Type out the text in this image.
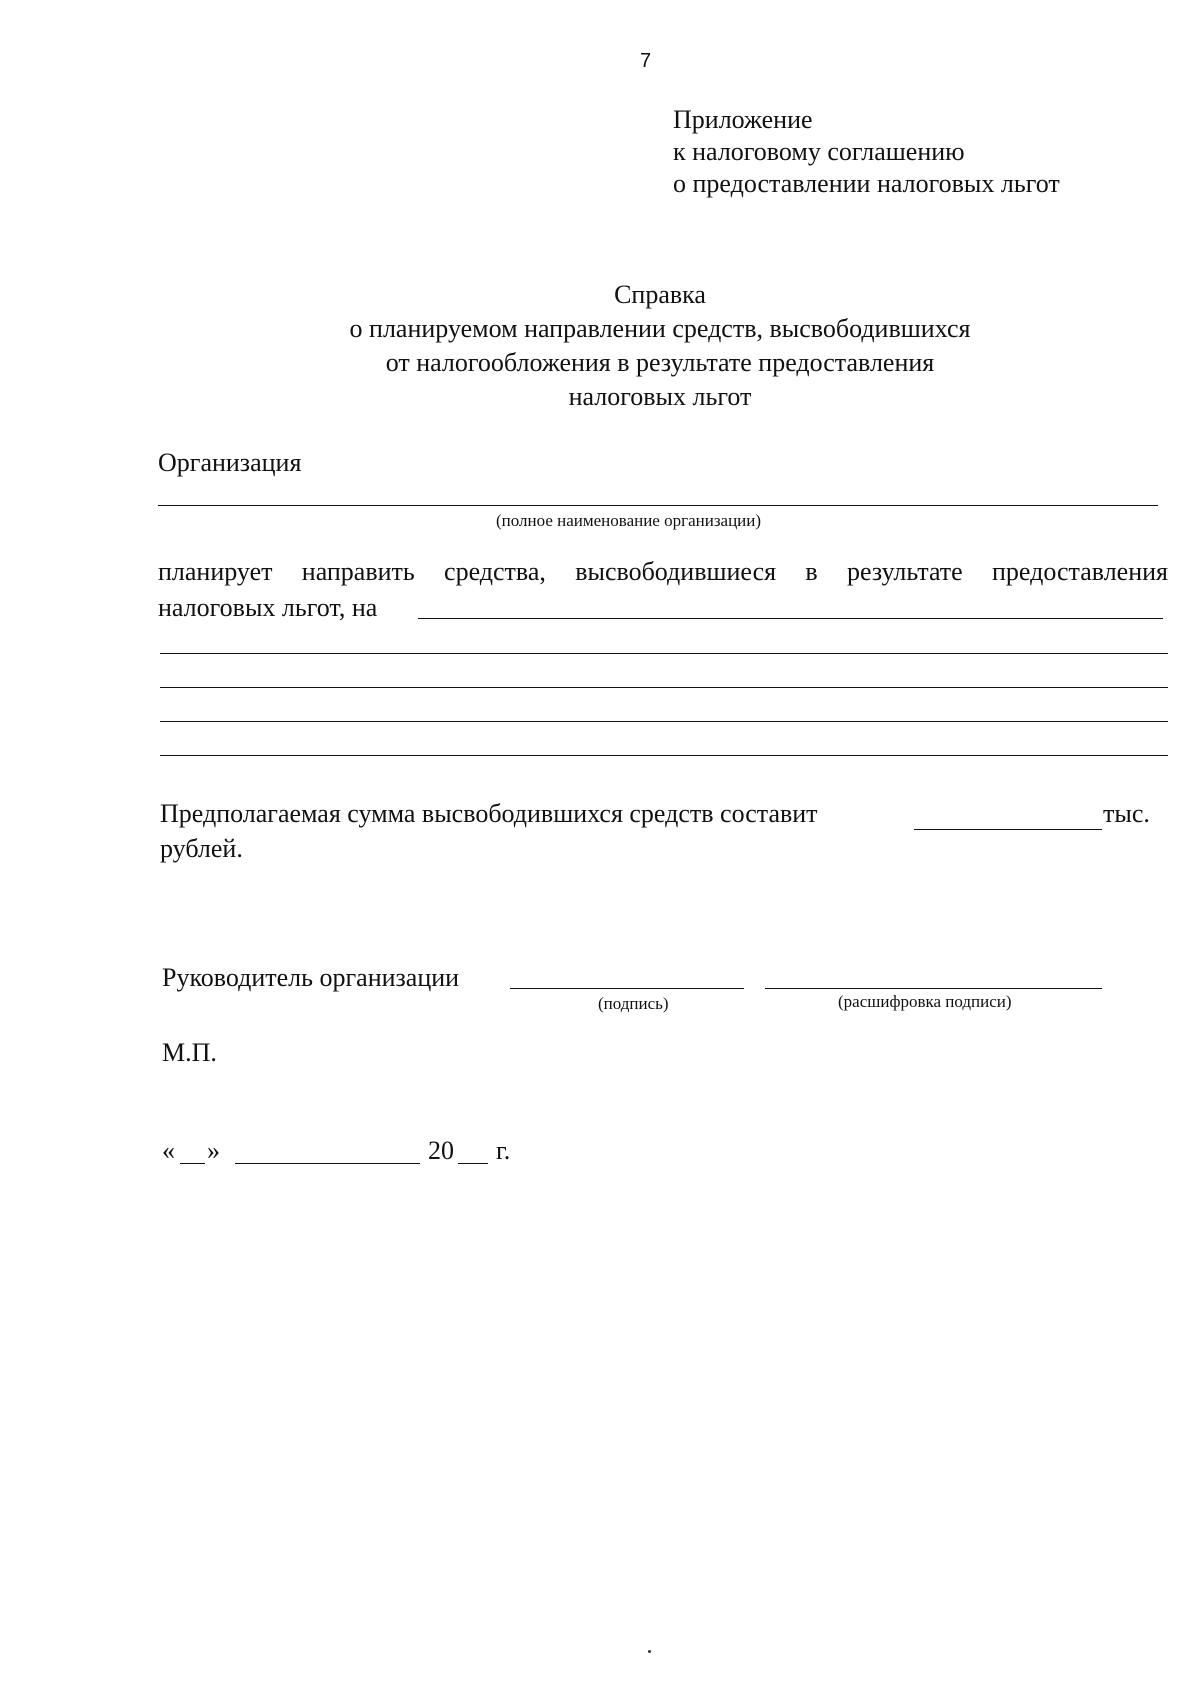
7
Приложение
к налоговому соглашению
о предоставлении налоговых льгот
Справка
о планируемом направлении средств, высвободившихся
от налогообложения в результате предоставления
налоговых льгот
Организация
(полное наименование организации)
планирует направить средства, высвободившиеся в результате предоставления
налоговых льгот, на
Предполагаемая сумма высвободившихся средств составит	тыс.
рублей.
Руководитель организации
(подпись)	(расшифровка подписи)
М.П.
« »	20 г.
